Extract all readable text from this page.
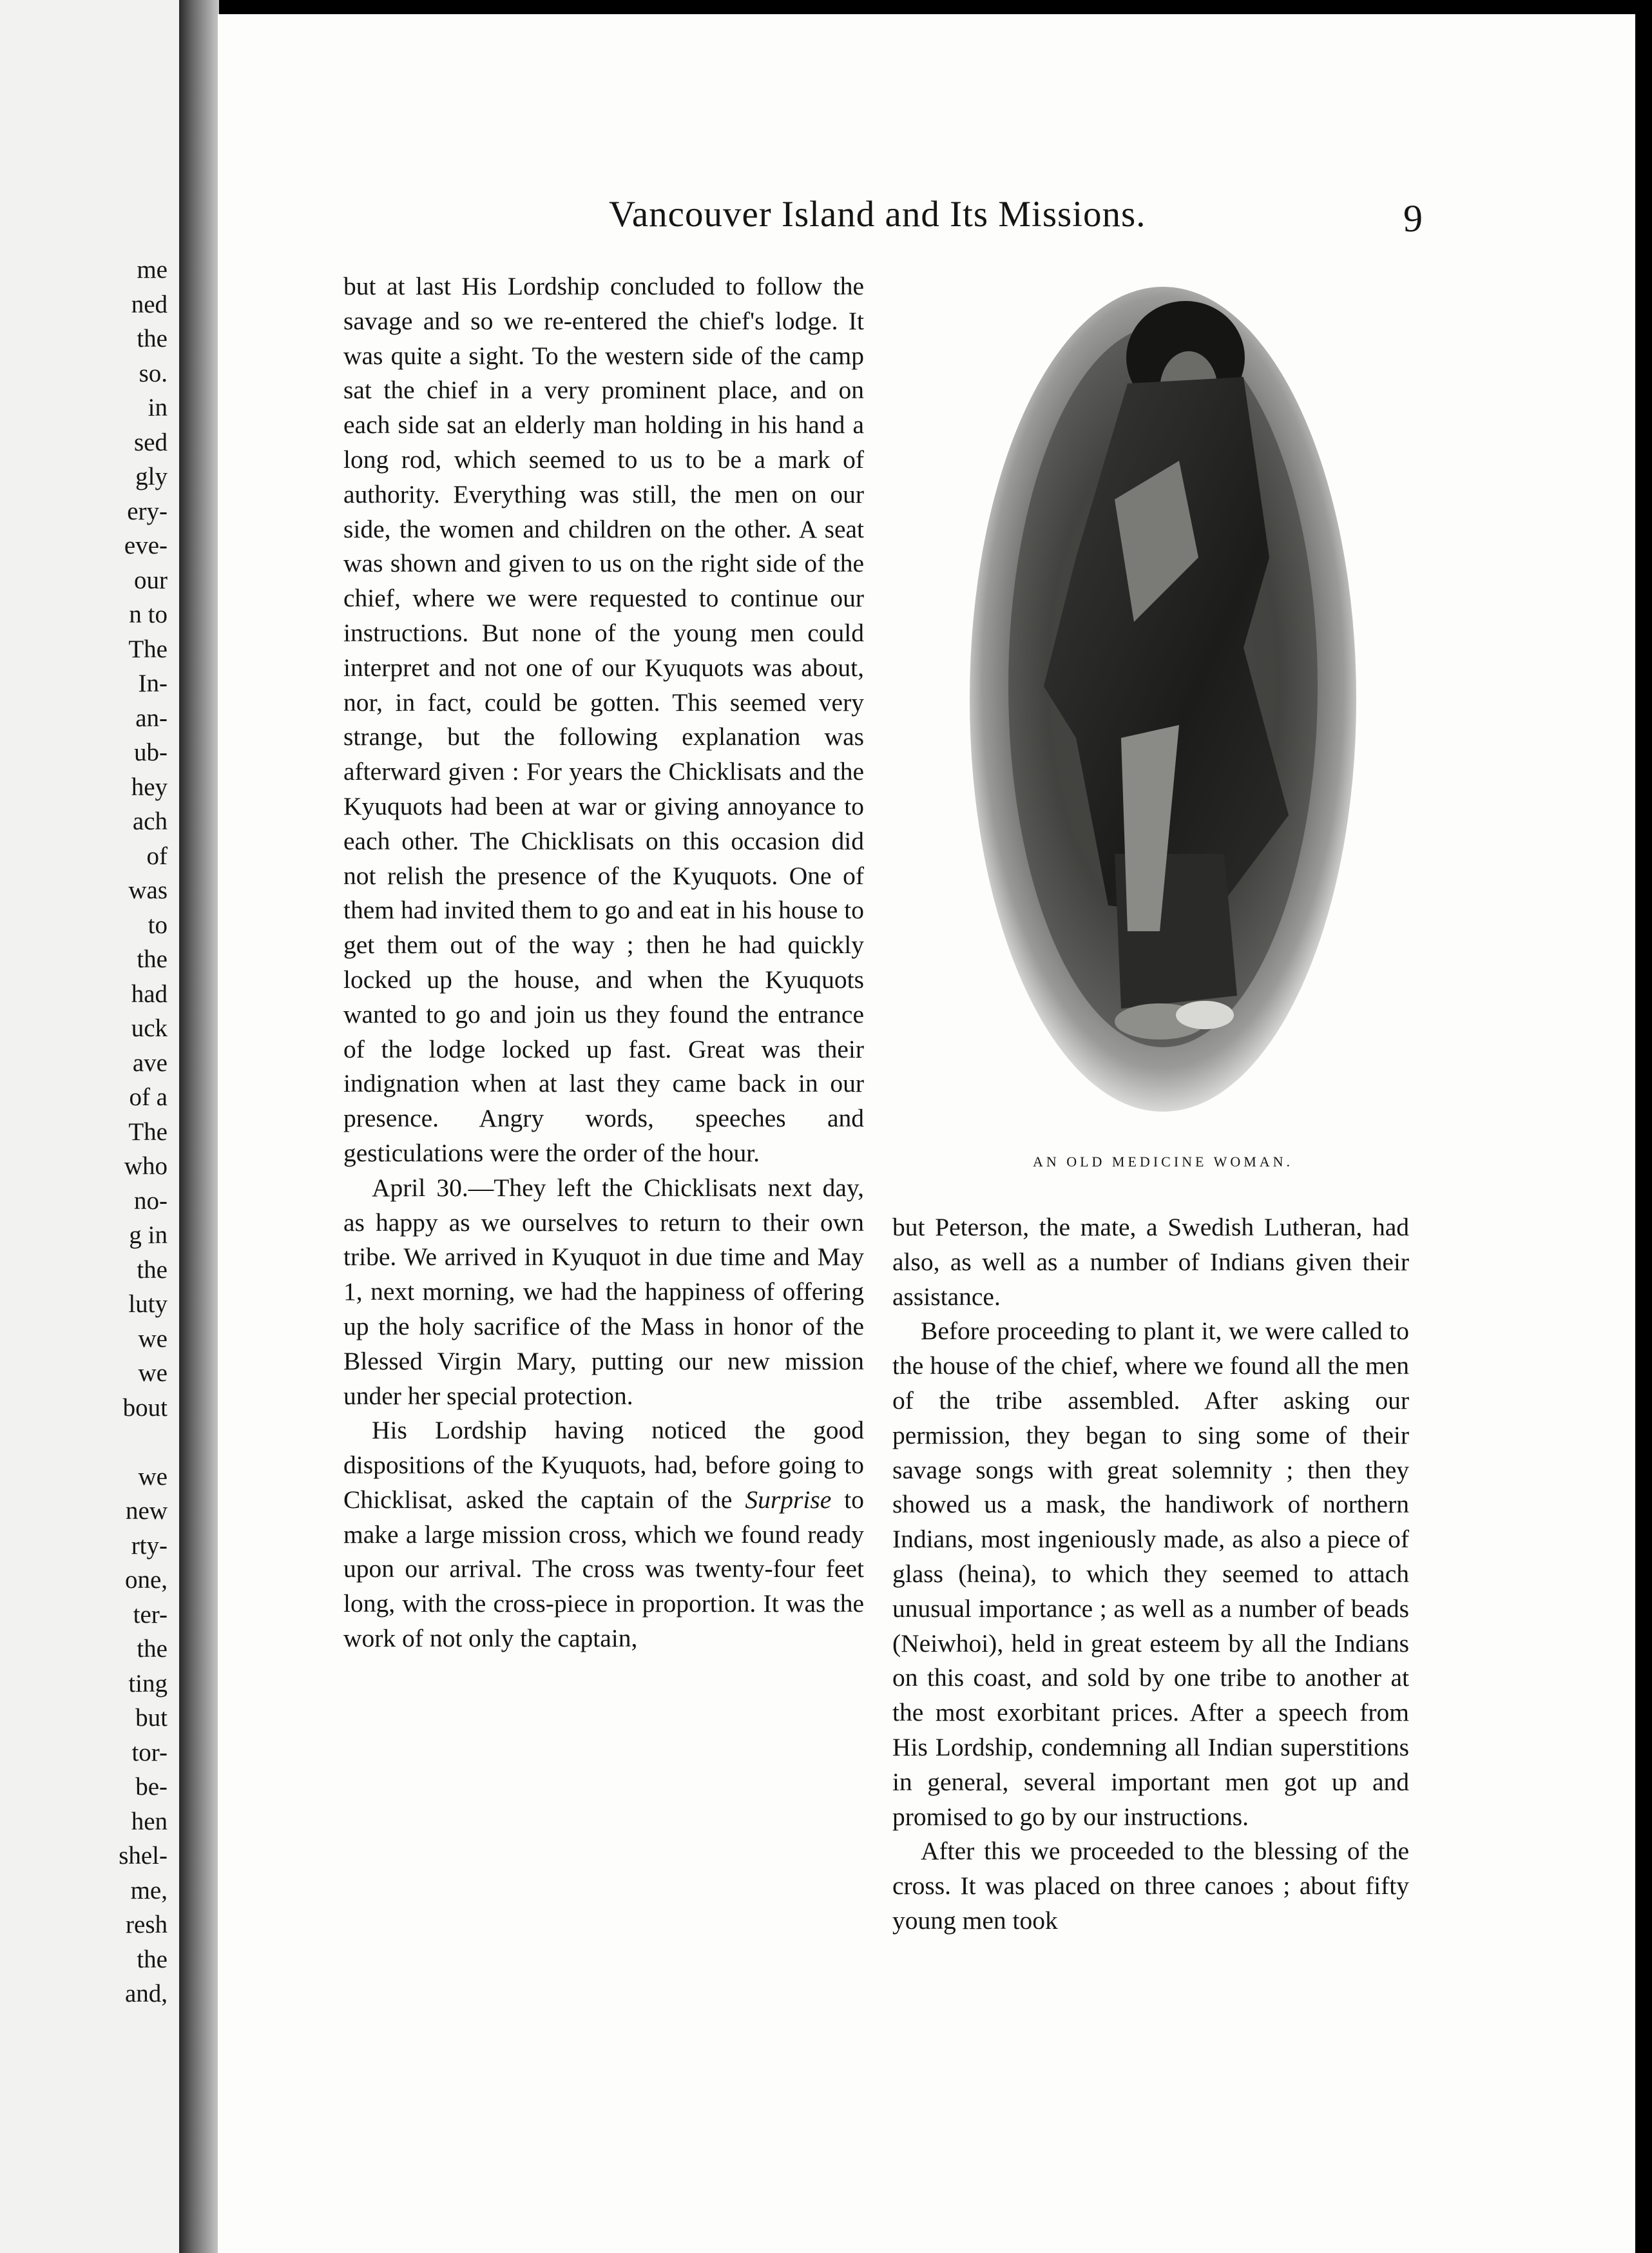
me
ned
the
so.
in
sed
gly
ery-
eve-
our
n to
The
In-
an-
ub-
hey
ach
of
was
to
the
had
uck
ave
of a
The
who
no-
g in
the
luty
we
we
bout
we
new
rty-
one,
ter-
the
ting
but
tor-
be-
hen
shel-
me,
resh
the
and,
Vancouver Island and Its Missions.	9

but at last His Lordship concluded to follow the savage and so we re-entered the chief's lodge. It was quite a sight. To the western side of the camp sat the chief in a very prominent place, and on each side sat an elderly man holding in his hand a long rod, which seemed to us to be a mark of authority. Everything was still, the men on our side, the women and children on the other. A seat was shown and given to us on the right side of the chief, where we were requested to continue our instructions. But none of the young men could interpret and not one of our Kyuquots was about, nor, in fact, could be gotten. This seemed very strange, but the following explanation was afterward given : For years the Chicklisats and the Kyuquots had been at war or giving annoyance to each other. The Chicklisats on this occasion did not relish the presence of the Kyuquots. One of them had invited them to go and eat in his house to get them out of the way ; then he had quickly locked up the house, and when the Kyuquots wanted to go and join us they found the entrance of the lodge locked up fast. Great was their indignation when at last they came back in our presence. Angry words, speeches and gesticulations were the order of the hour.

April 30.—They left the Chicklisats next day, as happy as we ourselves to return to their own tribe. We arrived in Kyuquot in due time and May 1, next morning, we had the happiness of offering up the holy sacrifice of the Mass in honor of the Blessed Virgin Mary, putting our new mission under her special protection.

His Lordship having noticed the good dispositions of the Kyuquots, had, before going to Chicklisat, asked the captain of the Surprise to make a large mission cross, which we found ready upon our arrival. The cross was twenty-four feet long, with the cross-piece in proportion. It was the work of not only the captain,

AN OLD MEDICINE WOMAN.

but Peterson, the mate, a Swedish Lutheran, had also, as well as a number of Indians given their assistance.

Before proceeding to plant it, we were called to the house of the chief, where we found all the men of the tribe assembled. After asking our permission, they began to sing some of their savage songs with great solemnity ; then they showed us a mask, the handiwork of northern Indians, most ingeniously made, as also a piece of glass (heina), to which they seemed to attach unusual importance ; as well as a number of beads (Neiwhoi), held in great esteem by all the Indians on this coast, and sold by one tribe to another at the most exorbitant prices. After a speech from His Lordship, condemning all Indian superstitions in general, several important men got up and promised to go by our instructions.

After this we proceeded to the blessing of the cross. It was placed on three canoes ; about fifty young men took
